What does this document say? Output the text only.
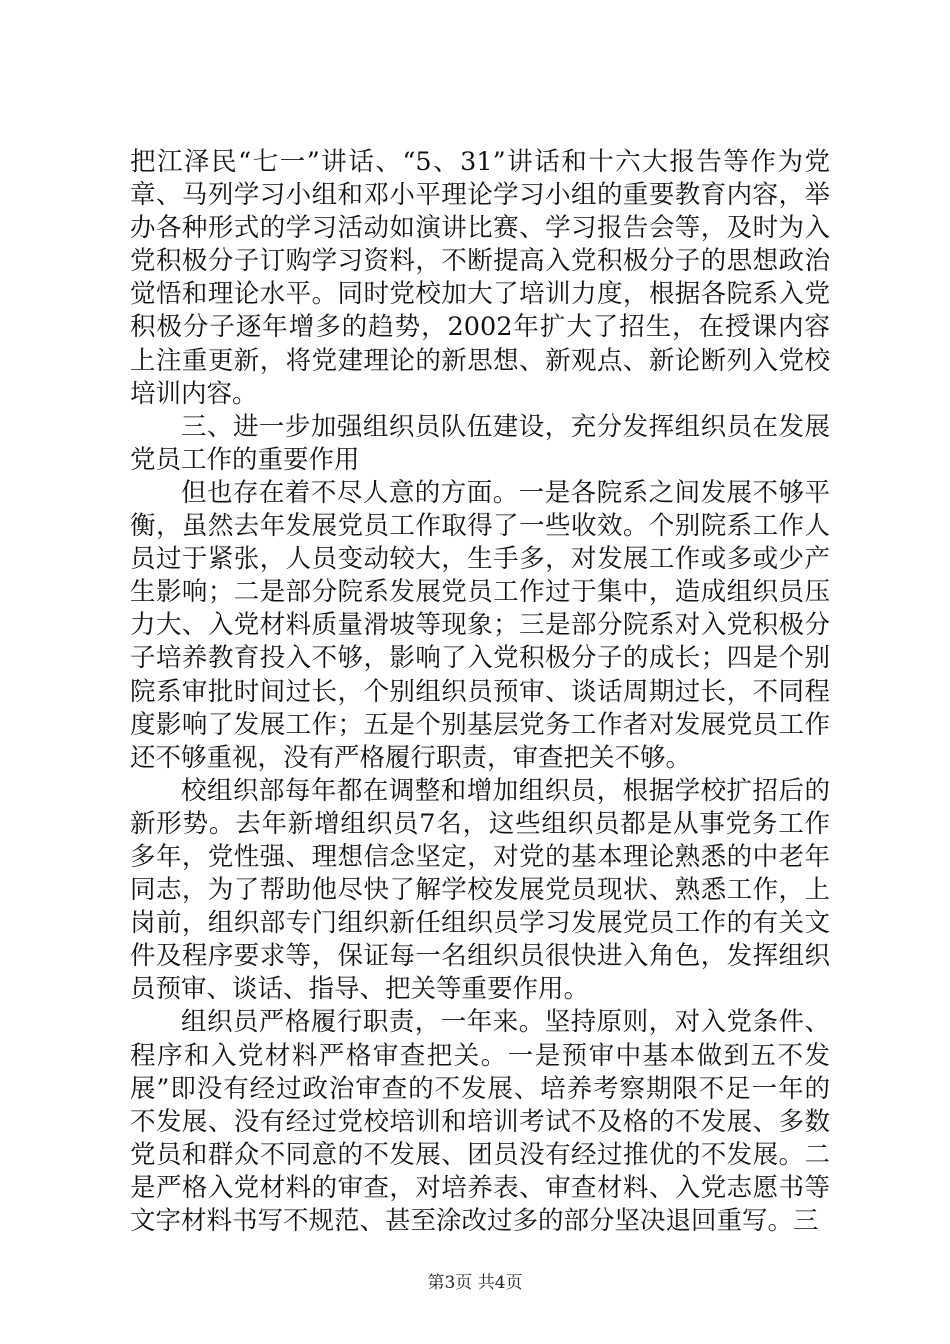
把江泽民“七一”讲话、“5、31”讲话和十六大报告等作为党章、马列学习小组和邓小平理论学习小组的重要教育内容，举办各种形式的学习活动如演讲比赛、学习报告会等，及时为入党积极分子订购学习资料，不断提高入党积极分子的思想政治觉悟和理论水平。同时党校加大了培训力度，根据各院系入党积极分子逐年增多的趋势，2002年扩大了招生，在授课内容上注重更新，将党建理论的新思想、新观点、新论断列入党校培训内容。

三、进一步加强组织员队伍建设，充分发挥组织员在发展党员工作的重要作用

但也存在着不尽人意的方面。一是各院系之间发展不够平衡，虽然去年发展党员工作取得了一些收效。个别院系工作人员过于紧张，人员变动较大，生手多，对发展工作或多或少产生影响；二是部分院系发展党员工作过于集中，造成组织员压力大、入党材料质量滑坡等现象；三是部分院系对入党积极分子培养教育投入不够，影响了入党积极分子的成长；四是个别院系审批时间过长，个别组织员预审、谈话周期过长，不同程度影响了发展工作；五是个别基层党务工作者对发展党员工作还不够重视，没有严格履行职责，审查把关不够。

校组织部每年都在调整和增加组织员，根据学校扩招后的新形势。去年新增组织员7名，这些组织员都是从事党务工作多年，党性强、理想信念坚定，对党的基本理论熟悉的中老年同志，为了帮助他尽快了解学校发展党员现状、熟悉工作，上岗前，组织部专门组织新任组织员学习发展党员工作的有关文件及程序要求等，保证每一名组织员很快进入角色，发挥组织员预审、谈话、指导、把关等重要作用。

组织员严格履行职责，一年来。坚持原则，对入党条件、程序和入党材料严格审查把关。一是预审中基本做到五不发展”即没有经过政治审查的不发展、培养考察期限不足一年的不发展、没有经过党校培训和培训考试不及格的不发展、多数党员和群众不同意的不发展、团员没有经过推优的不发展。二是严格入党材料的审查，对培养表、审查材料、入党志愿书等文字材料书写不规范、甚至涂改过多的部分坚决退回重写。三

第3页 共4页
